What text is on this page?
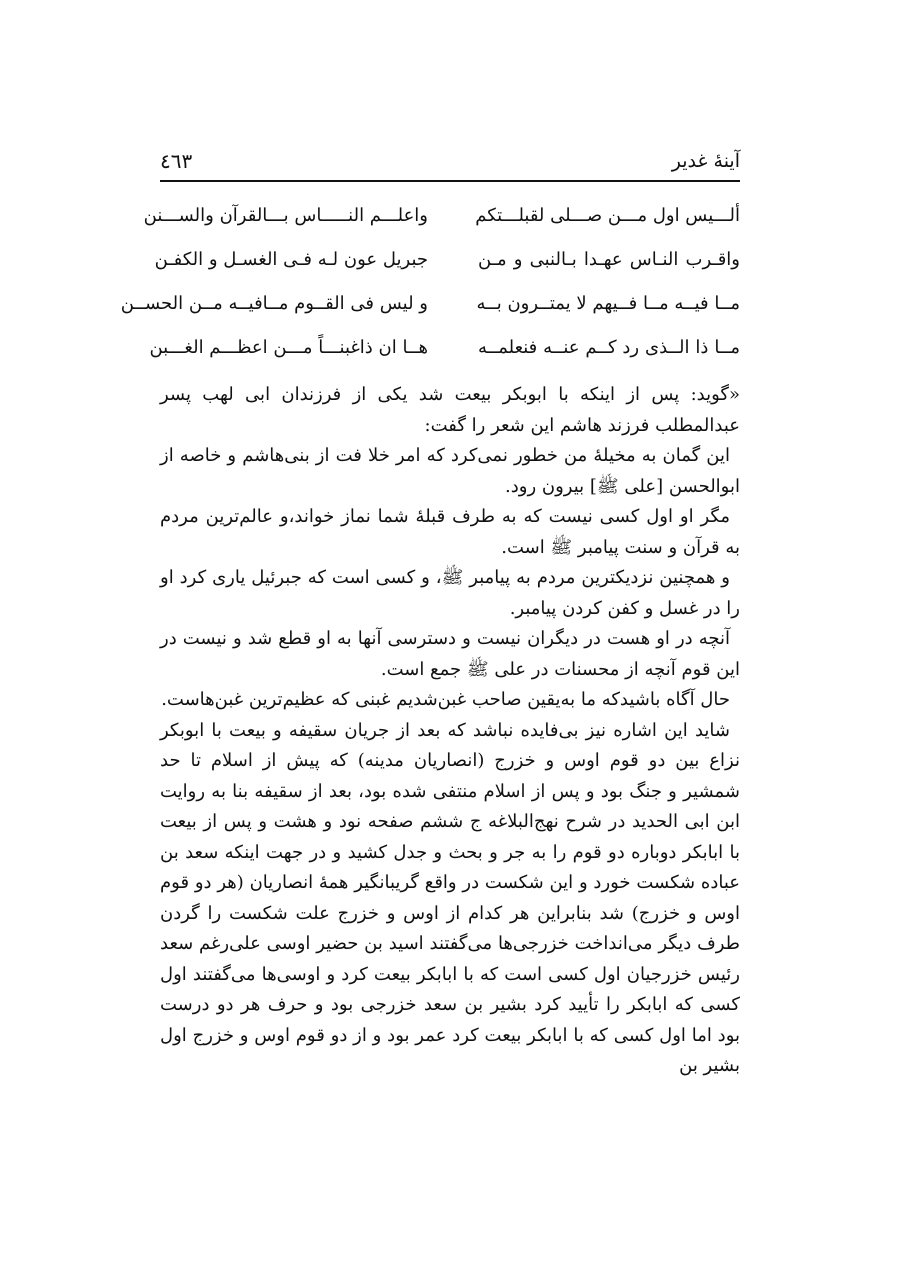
آينهٔ غدير
٤٦٣
ألـــيس اول مـــن صـــلى لقبلـــتكم
واعلـــم النـــــاس بـــالقرآن والســـنن
واقـرب النـاس عهـدا بـالنبى و مـن
جبريل عون لـه فـى الغسـل و الكفـن
مــا فيــه مــا فــيهم لا يمتــرون بــه
و ليس فى القــوم مــافيــه مــن الحســن
مــا ذا الــذى رد كــم عنــه فنعلمــه
هــا ان ذاغبنـــاً مـــن اعظـــم الغـــبن

«گويد: پس از اينكه با ابوبكر بيعت شد يكى از فرزندان ابى لهب پسر عبدالمطلب فرزند هاشم اين شعر را گفت:

اين گمان به مخيلهٔ من خطور نمى‌كرد كه امر خلا فت از بنى‌هاشم و خاصه از ابوالحسن [على ﷺ] بيرون رود.

مگر او اول كسى نيست كه به طرف قبلهٔ شما نماز خواند،و عالم‌ترين مردم به قرآن و سنت پيامبر ﷺ است.

و همچنين نزديكترين مردم به پيامبر ﷺ، و كسى است كه جبرئيل يارى كرد او را در غسل و كفن كردن پيامبر.

آنچه در او هست در ديگران نيست و دسترسى آنها به او قطع شد و نيست در اين قوم آنچه از محسنات در على ﷺ جمع است.

حال آگاه باشيدكه ما به‌يقين صاحب غبن‌شديم غبنى كه عظيم‌ترين غبن‌هاست.

شايد اين اشاره نيز بى‌فايده نباشد كه بعد از جريان سقيفه و بيعت با ابوبكر نزاع بين دو قوم اوس و خزرج (انصاريان مدينه) كه پيش از اسلام تا حد شمشير و جنگ بود و پس از اسلام منتفى شده بود، بعد از سقيفه بنا به روايت ابن ابى الحديد در شرح نهج‌البلاغه ج ششم صفحه نود و هشت و پس از بيعت با ابابكر دوباره دو قوم را به جر و بحث و جدل كشيد و در جهت اينكه سعد بن عباده شكست خورد و اين شكست در واقع گريبانگير همهٔ انصاريان (هر دو قوم اوس و خزرج) شد بنابراين هر كدام از اوس و خزرج علت شكست را گردن طرف ديگر مى‌انداخت خزرجى‌ها مى‌گفتند اسيد بن حضير اوسى على‌رغم سعد رئيس خزرجيان اول كسى است كه با ابابكر بيعت كرد و اوسى‌ها مى‌گفتند اول كسى كه ابابكر را تأييد كرد بشير بن سعد خزرجى بود و حرف هر دو درست بود اما اول كسى كه با ابابكر بيعت كرد عمر بود و از دو قوم اوس و خزرج اول بشير بن
